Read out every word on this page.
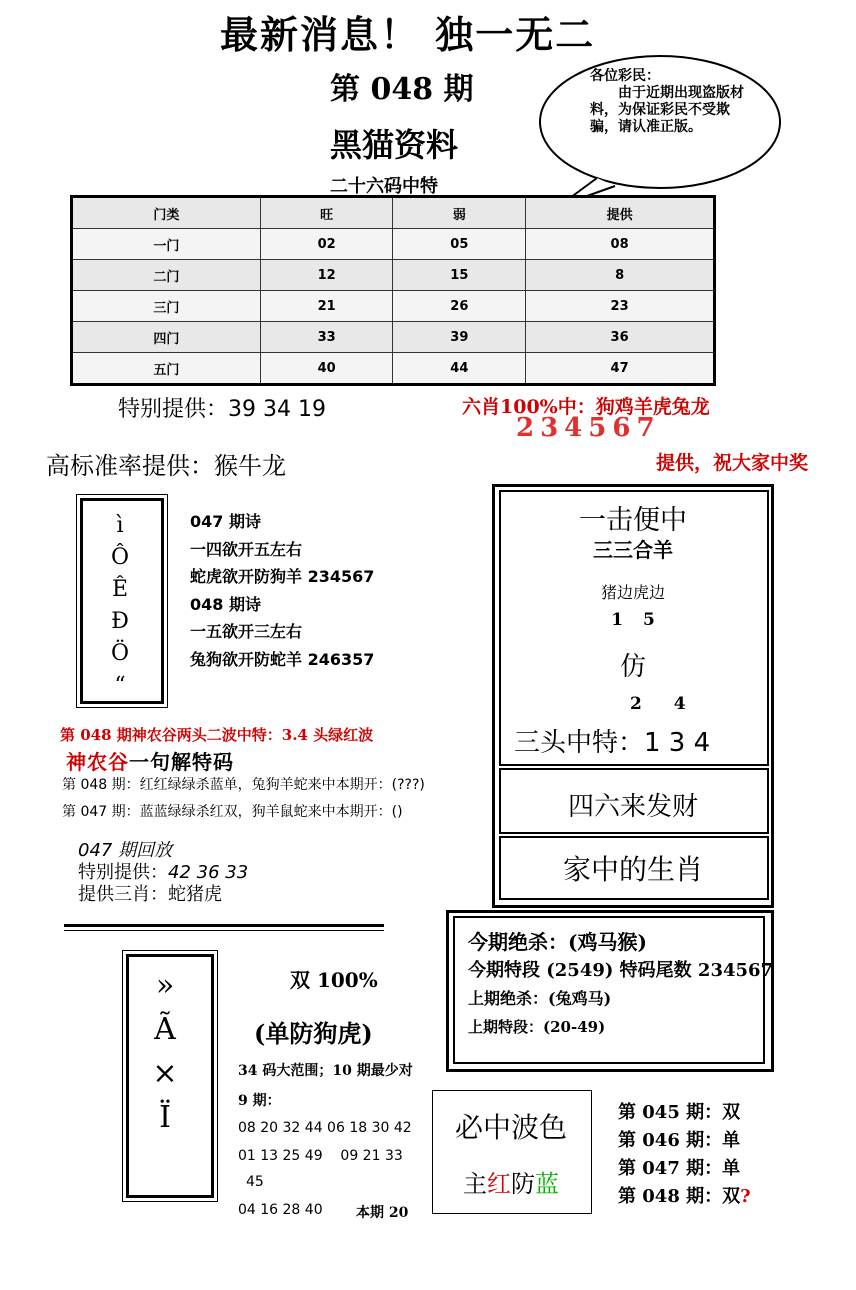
最新消息！ 独一无二
第 048 期
黑猫资料
二十六码中特
各位彩民：
由于近期出现盗版材料，为保证彩民不受欺骗，请认准正版。
门类	旺	弱	提供
一门	02	05	08
二门	12	15	8
三门	21	26	23
四门	33	39	36
五门	40	44	47
特别提供：39 34 19	六肖100%中：狗鸡羊虎兔龙
234567
高标准率提供：猴牛龙	提供，祝大家中奖
ì
Ô
Ê
Ð
Ö
“
047 期诗
一四欲开五左右
蛇虎欲开防狗羊 234567
048 期诗
一五欲开三左右
兔狗欲开防蛇羊 246357
第 048 期神农谷两头二波中特：3.4 头绿红波
神农谷一句解特码
第 048 期：红红绿绿杀蓝单，兔狗羊蛇来中本期开：(???)
第 047 期：蓝蓝绿绿杀红双，狗羊鼠蛇来中本期开：()
047 期回放
特别提供：42 36 33
提供三肖：蛇猪虎
一击便中
三三合羊
猪边虎边
1 5
仿
2 4
三头中特：1 3 4
四六来发财
家中的生肖
今期绝杀：(鸡马猴)
今期特段 (2549) 特码尾数 234567
上期绝杀：(兔鸡马)
上期特段：(20-49)
»
Ã
×
Ï
双 100%
(单防狗虎)
34 码大范围；10 期最少对
9 期：
08 20 32 44 06 18 30 42
01 13 25 49    09 21 33
45
04 16 28 40 本期 20
必中波色
主红防蓝
第 045 期：双
第 046 期：单
第 047 期：单
第 048 期：双?
